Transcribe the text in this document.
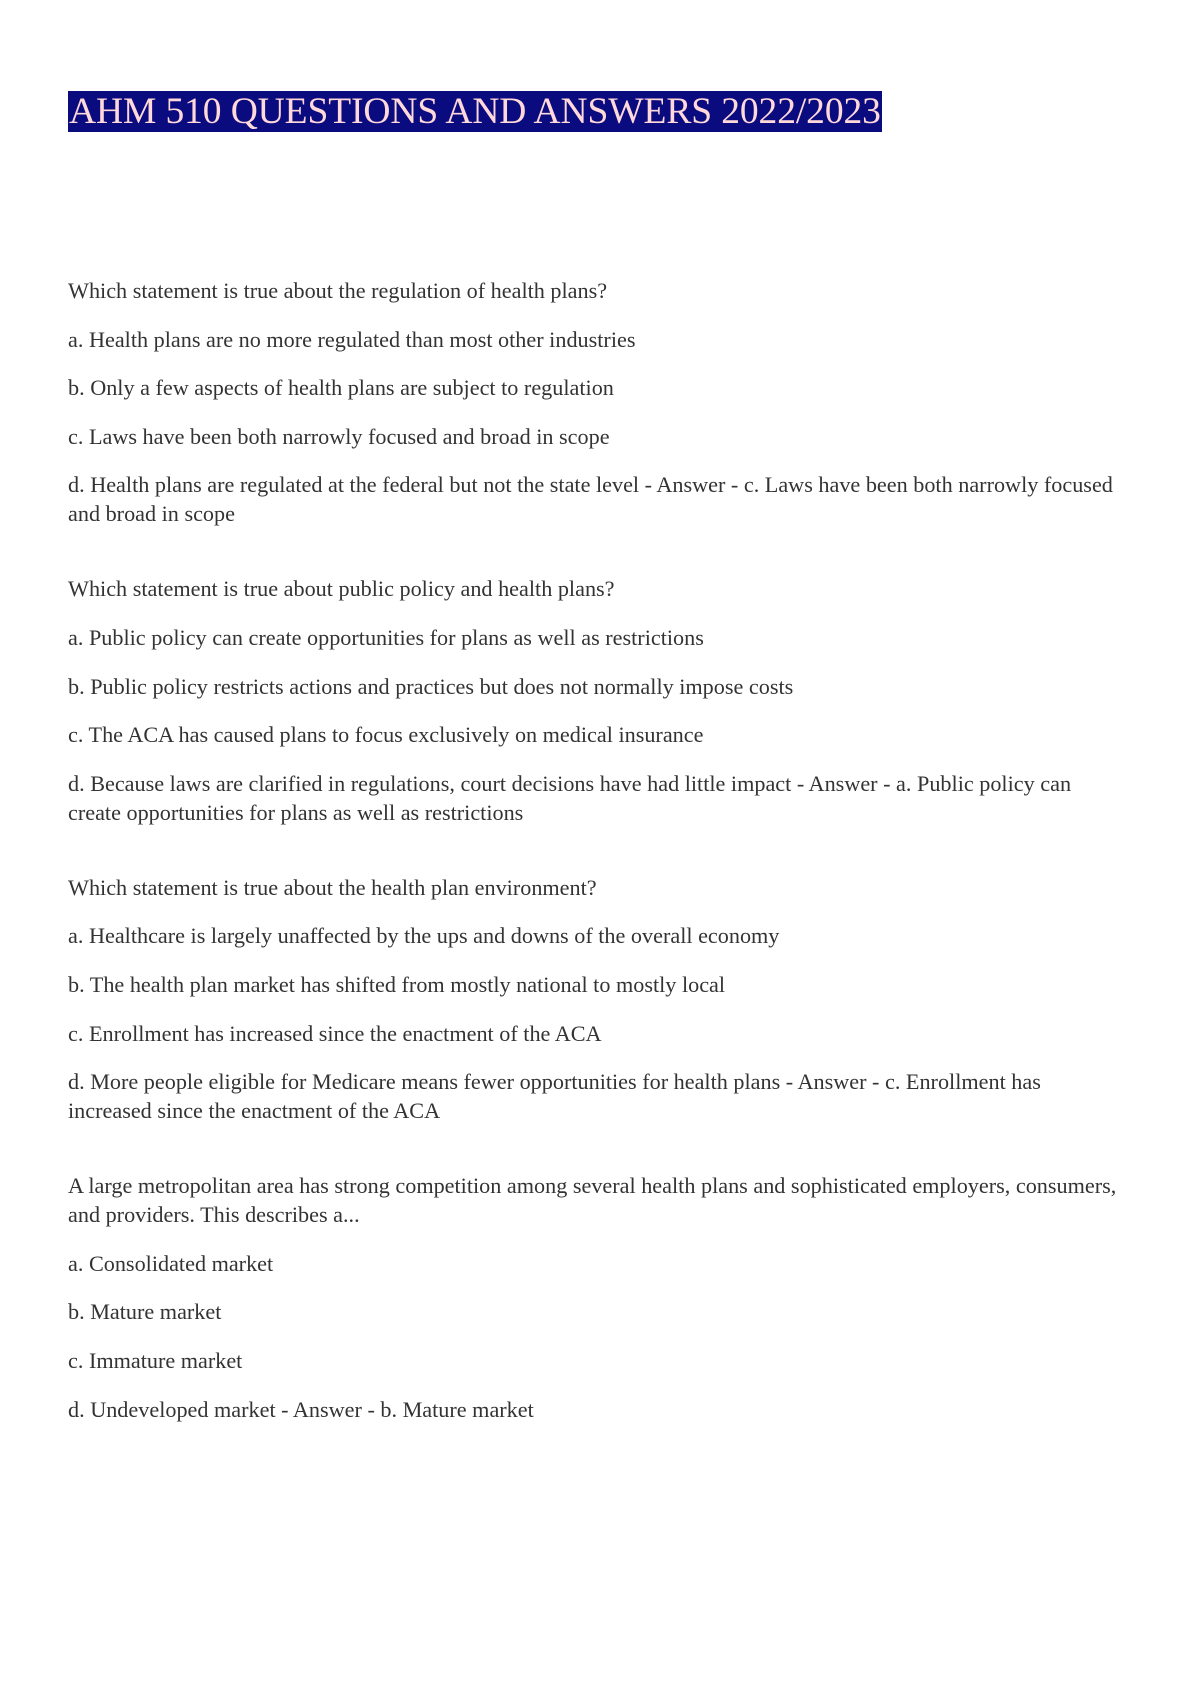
AHM 510 QUESTIONS AND ANSWERS 2022/2023
Which statement is true about the regulation of health plans?
a. Health plans are no more regulated than most other industries
b. Only a few aspects of health plans are subject to regulation
c. Laws have been both narrowly focused and broad in scope
d. Health plans are regulated at the federal but not the state level - Answer - c. Laws have been both narrowly focused and broad in scope
Which statement is true about public policy and health plans?
a. Public policy can create opportunities for plans as well as restrictions
b. Public policy restricts actions and practices but does not normally impose costs
c. The ACA has caused plans to focus exclusively on medical insurance
d. Because laws are clarified in regulations, court decisions have had little impact - Answer - a. Public policy can create opportunities for plans as well as restrictions
Which statement is true about the health plan environment?
a. Healthcare is largely unaffected by the ups and downs of the overall economy
b. The health plan market has shifted from mostly national to mostly local
c. Enrollment has increased since the enactment of the ACA
d. More people eligible for Medicare means fewer opportunities for health plans - Answer - c. Enrollment has increased since the enactment of the ACA
A large metropolitan area has strong competition among several health plans and sophisticated employers, consumers, and providers. This describes a...
a. Consolidated market
b. Mature market
c. Immature market
d. Undeveloped market - Answer - b. Mature market
